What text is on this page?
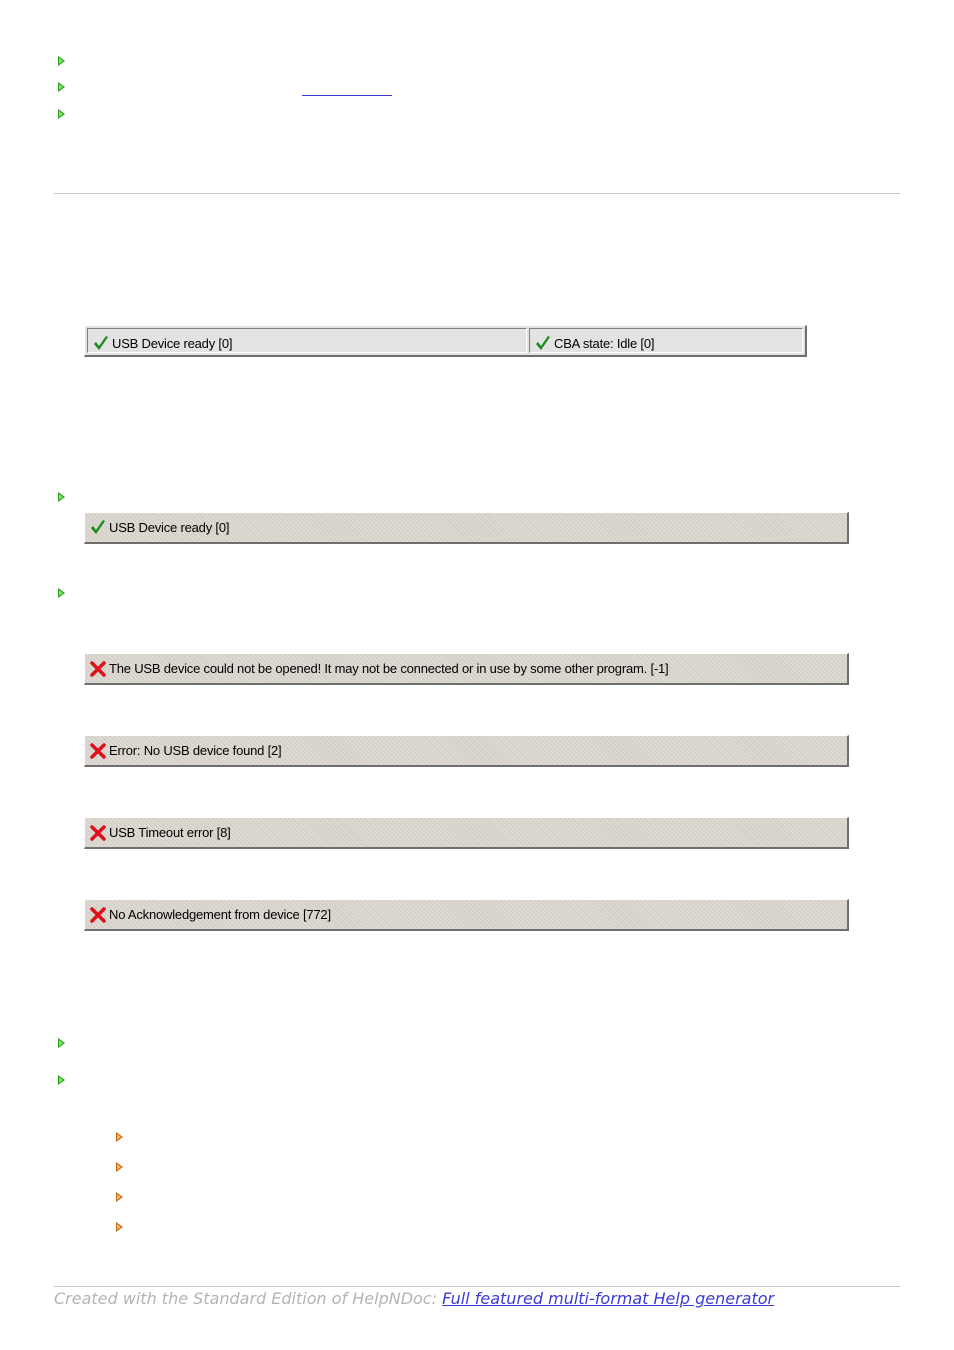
USB Device ready [0]	CBA state: Idle [0]
USB Device ready [0]
The USB device could not be opened! It may not be connected or in use by some other program. [-1]
Error: No USB device found [2]
USB Timeout error [8]
No Acknowledgement from device [772]
Created with the Standard Edition of HelpNDoc: Full featured multi-format Help generator
